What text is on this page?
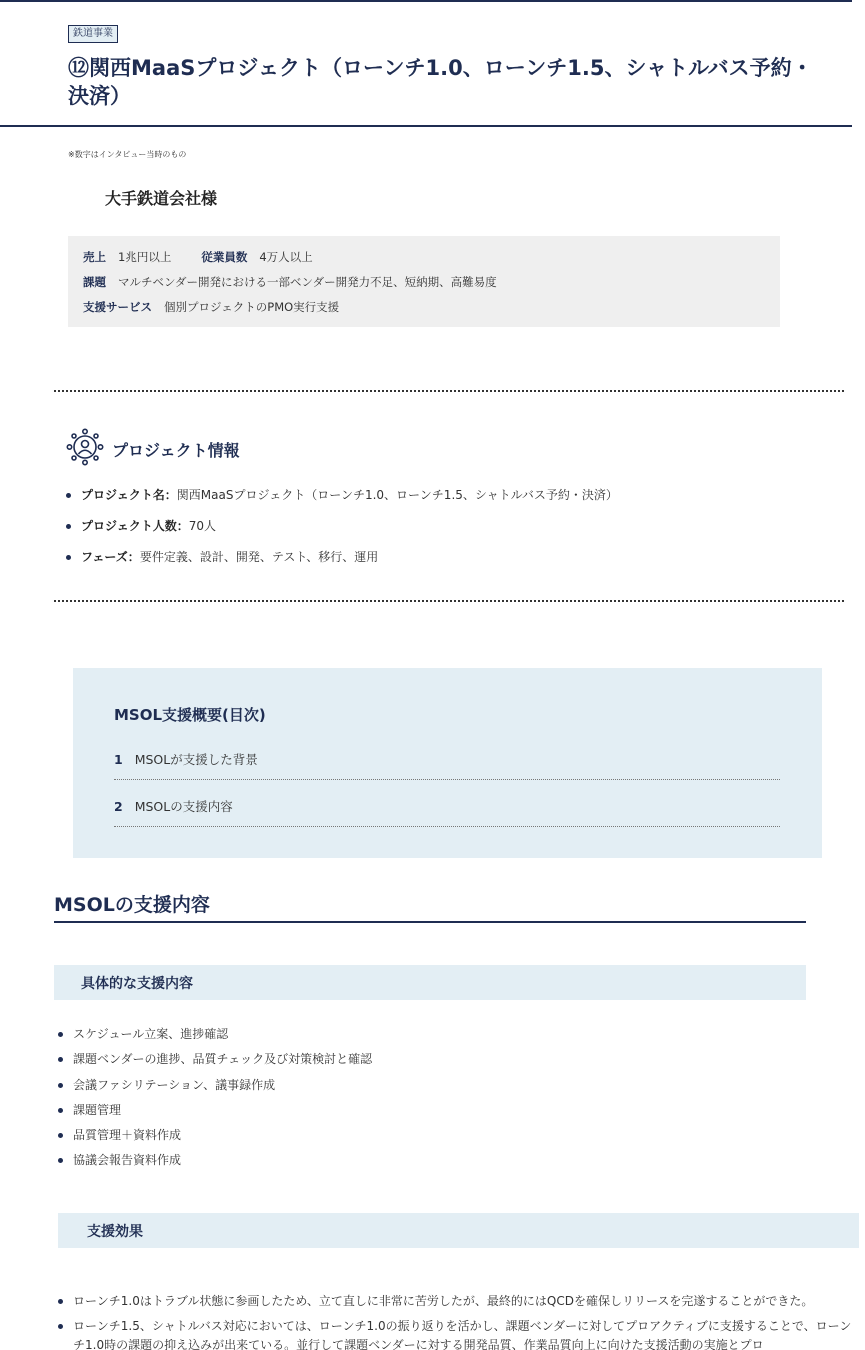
鉄道事業
⑫関西MaaSプロジェクト（ローンチ1.0、ローンチ1.5、シャトルバス予約・決済）
※数字はインタビュー当時のもの
大手鉄道会社様
売上 1兆円以上	従業員数 4万人以上
課題 マルチベンダー開発における一部ベンダー開発力不足、短納期、高難易度
支援サービス 個別プロジェクトのPMO実行支援
プロジェクト情報
プロジェクト名：関西MaaSプロジェクト（ローンチ1.0、ローンチ1.5、シャトルバス予約・決済）
プロジェクト人数：70人
フェーズ：要件定義、設計、開発、テスト、移行、運用
MSOL支援概要(目次)
1 MSOLが支援した背景
2 MSOLの支援内容
MSOLの支援内容
具体的な支援内容
スケジュール立案、進捗確認
課題ベンダーの進捗、品質チェック及び対策検討と確認
会議ファシリテーション、議事録作成
課題管理
品質管理＋資料作成
協議会報告資料作成
支援効果
ローンチ1.0はトラブル状態に参画したため、立て直しに非常に苦労したが、最終的にはQCDを確保しリリースを完遂することができた。
ローンチ1.5、シャトルバス対応においては、ローンチ1.0の振り返りを活かし、課題ベンダーに対してプロアクティブに支援することで、ローンチ1.0時の課題の抑え込みが出来ている。並行して課題ベンダーに対する開発品質、作業品質向上に向けた支援活動の実施とプロ
